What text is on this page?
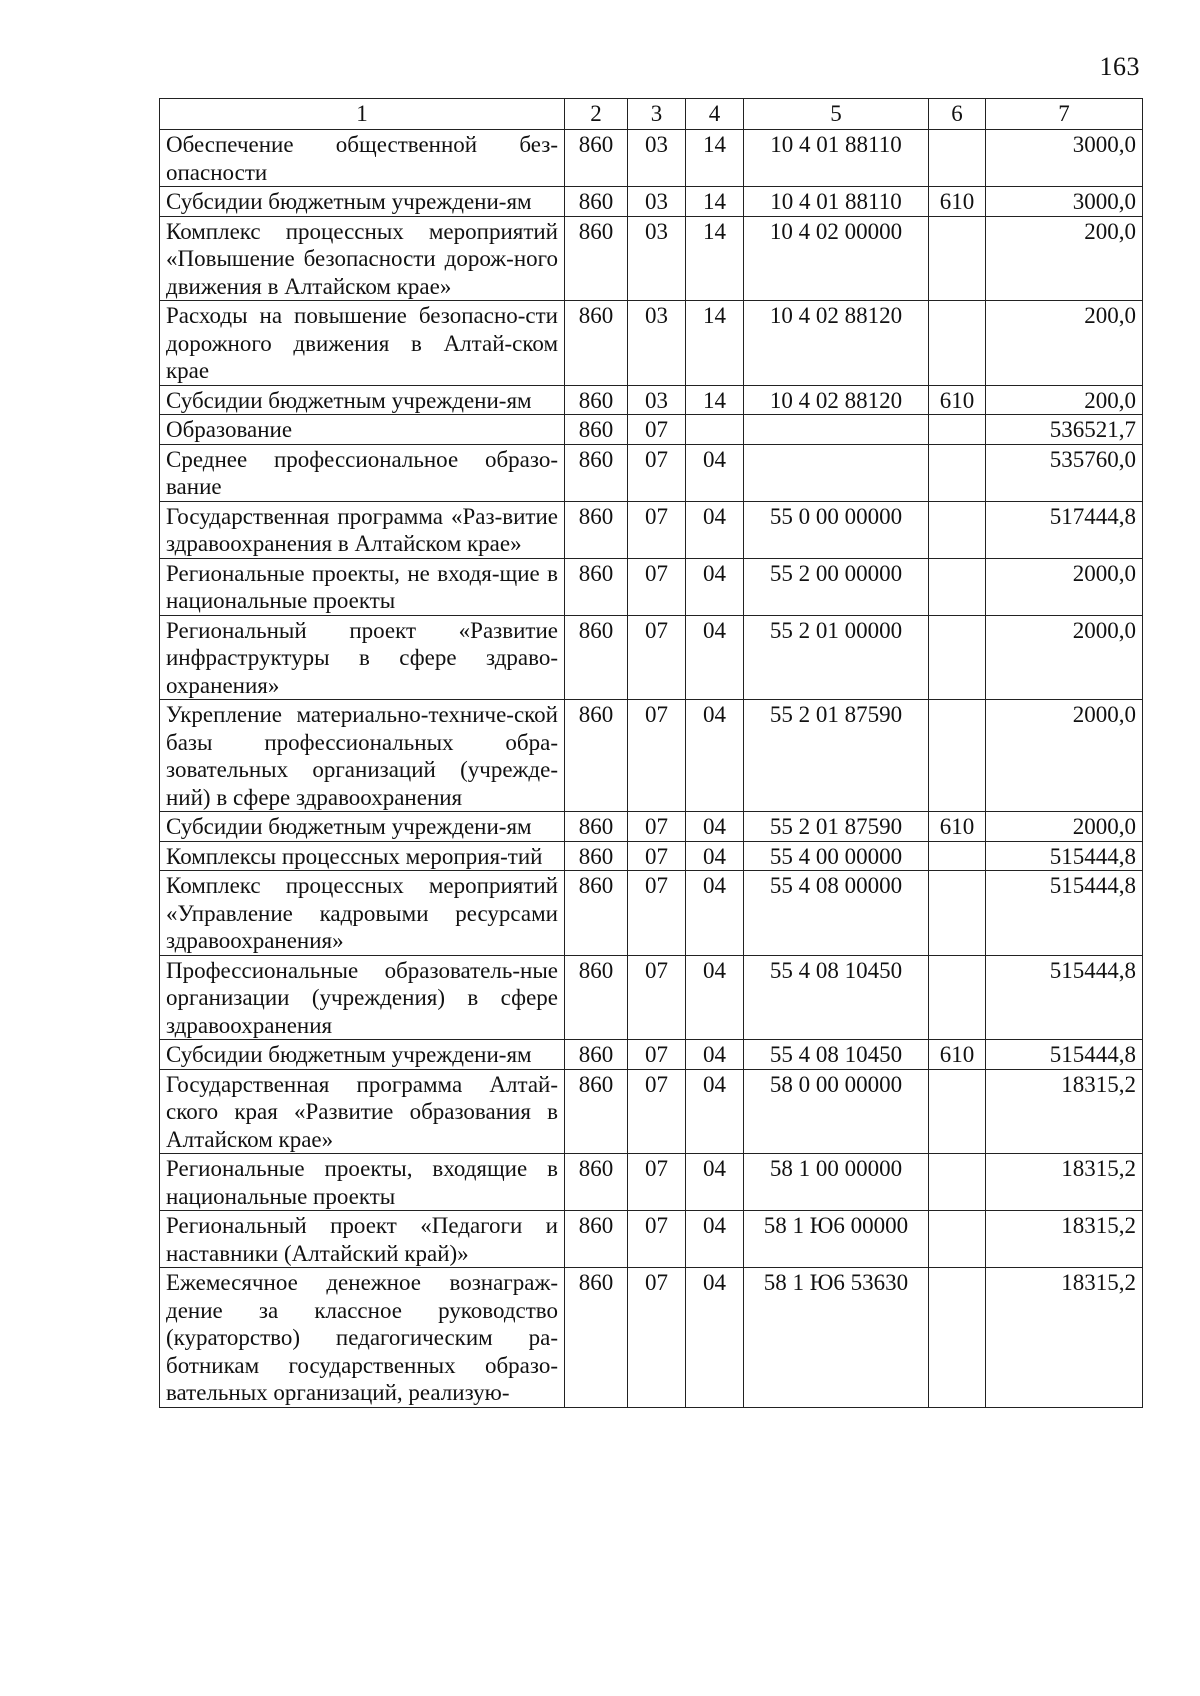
163
1	2	3	4	5	6	7
Обеспечение общественной без-опасности	860	03	14	10 4 01 88110		3000,0
Субсидии бюджетным учреждени-ям	860	03	14	10 4 01 88110	610	3000,0
Комплекс процессных мероприятий «Повышение безопасности дорож-ного движения в Алтайском крае»	860	03	14	10 4 02 00000		200,0
Расходы на повышение безопасно-сти дорожного движения в Алтай-ском крае	860	03	14	10 4 02 88120		200,0
Субсидии бюджетным учреждени-ям	860	03	14	10 4 02 88120	610	200,0
Образование	860	07				536521,7
Среднее профессиональное образо-вание	860	07	04			535760,0
Государственная программа «Раз-витие здравоохранения в Алтайском крае»	860	07	04	55 0 00 00000		517444,8
Региональные проекты, не входя-щие в национальные проекты	860	07	04	55 2 00 00000		2000,0
Региональный проект «Развитие инфраструктуры в сфере здраво-охранения»	860	07	04	55 2 01 00000		2000,0
Укрепление материально-техниче-ской базы профессиональных обра-зовательных организаций (учрежде-ний) в сфере здравоохранения	860	07	04	55 2 01 87590		2000,0
Субсидии бюджетным учреждени-ям	860	07	04	55 2 01 87590	610	2000,0
Комплексы процессных мероприя-тий	860	07	04	55 4 00 00000		515444,8
Комплекс процессных мероприятий «Управление кадровыми ресурсами здравоохранения»	860	07	04	55 4 08 00000		515444,8
Профессиональные образователь-ные организации (учреждения) в сфере здравоохранения	860	07	04	55 4 08 10450		515444,8
Субсидии бюджетным учреждени-ям	860	07	04	55 4 08 10450	610	515444,8
Государственная программа Алтай-ского края «Развитие образования в Алтайском крае»	860	07	04	58 0 00 00000		18315,2
Региональные проекты, входящие в национальные проекты	860	07	04	58 1 00 00000		18315,2
Региональный проект «Педагоги и наставники (Алтайский край)»	860	07	04	58 1 Ю6 00000		18315,2
Ежемесячное денежное вознаграж-дение за классное руководство (кураторство) педагогическим ра-ботникам государственных образо-вательных организаций, реализую-	860	07	04	58 1 Ю6 53630		18315,2
